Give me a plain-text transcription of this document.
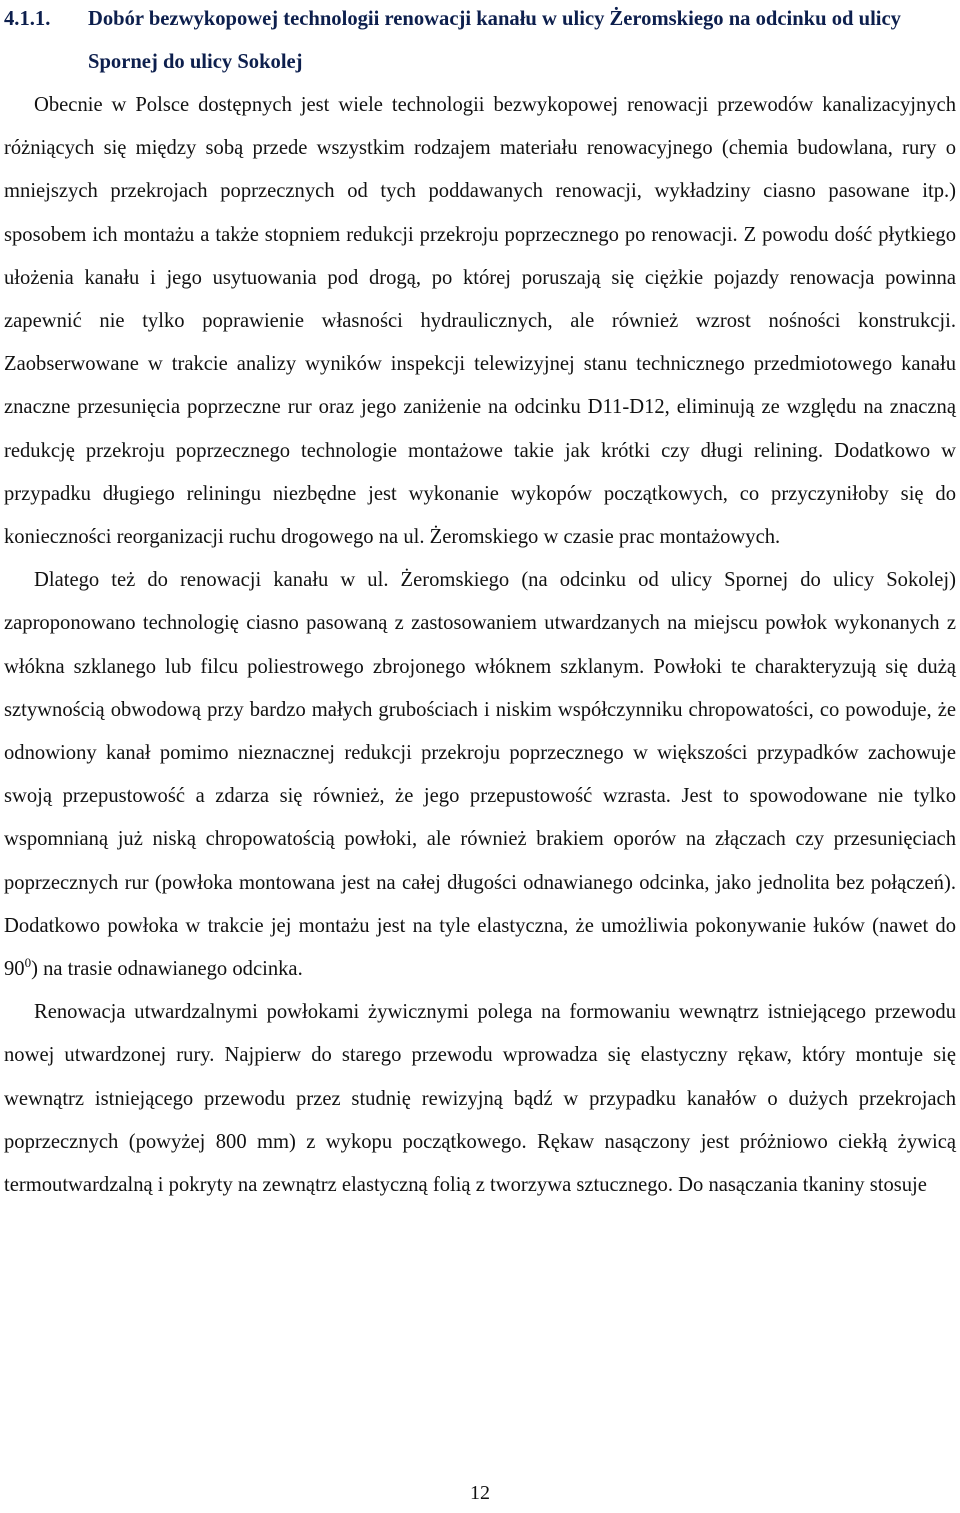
4.1.1.	Dobór bezwykopowej technologii renowacji kanału w ulicy Żeromskiego na odcinku od ulicy Spornej do ulicy Sokolej

Obecnie w Polsce dostępnych jest wiele technologii bezwykopowej renowacji przewodów kanalizacyjnych różniących się między sobą przede wszystkim rodzajem materiału renowacyjnego (chemia budowlana, rury o mniejszych przekrojach poprzecznych od tych poddawanych renowacji, wykładziny ciasno pasowane itp.) sposobem ich montażu a także stopniem redukcji przekroju poprzecznego po renowacji. Z powodu dość płytkiego ułożenia kanału i jego usytuowania pod drogą, po której poruszają się ciężkie pojazdy renowacja powinna zapewnić nie tylko poprawienie własności hydraulicznych, ale również wzrost nośności konstrukcji. Zaobserwowane w trakcie analizy wyników inspekcji telewizyjnej stanu technicznego przedmiotowego kanału znaczne przesunięcia poprzeczne rur oraz jego zaniżenie na odcinku D11-D12, eliminują ze względu na znaczną redukcję przekroju poprzecznego technologie montażowe takie jak krótki czy długi relining. Dodatkowo w przypadku długiego reliningu niezbędne jest wykonanie wykopów początkowych, co przyczyniłoby się do konieczności reorganizacji ruchu drogowego na ul. Żeromskiego w czasie prac montażowych.

Dlatego też do renowacji kanału w ul. Żeromskiego (na odcinku od ulicy Spornej do ulicy Sokolej) zaproponowano technologię ciasno pasowaną z zastosowaniem utwardzanych na miejscu powłok wykonanych z włókna szklanego lub filcu poliestrowego zbrojonego włóknem szklanym. Powłoki te charakteryzują się dużą sztywnością obwodową przy bardzo małych grubościach i niskim współczynniku chropowatości, co powoduje, że odnowiony kanał pomimo nieznacznej redukcji przekroju poprzecznego w większości przypadków zachowuje swoją przepustowość a zdarza się również, że jego przepustowość wzrasta. Jest to spowodowane nie tylko wspomnianą już niską chropowatością powłoki, ale również brakiem oporów na złączach czy przesunięciach poprzecznych rur (powłoka montowana jest na całej długości odnawianego odcinka, jako jednolita bez połączeń). Dodatkowo powłoka w trakcie jej montażu jest na tyle elastyczna, że umożliwia pokonywanie łuków (nawet do $90^0$) na trasie odnawianego odcinka.

Renowacja utwardzalnymi powłokami żywicznymi polega na formowaniu wewnątrz istniejącego przewodu nowej utwardzonej rury. Najpierw do starego przewodu wprowadza się elastyczny rękaw, który montuje się wewnątrz istniejącego przewodu przez studnię rewizyjną bądź w przypadku kanałów o dużych przekrojach poprzecznych (powyżej 800 mm) z wykopu początkowego. Rękaw nasączony jest próżniowo ciekłą żywicą termoutwardzalną i pokryty na zewnątrz elastyczną folią z tworzywa sztucznego. Do nasączania tkaniny stosuje

12
